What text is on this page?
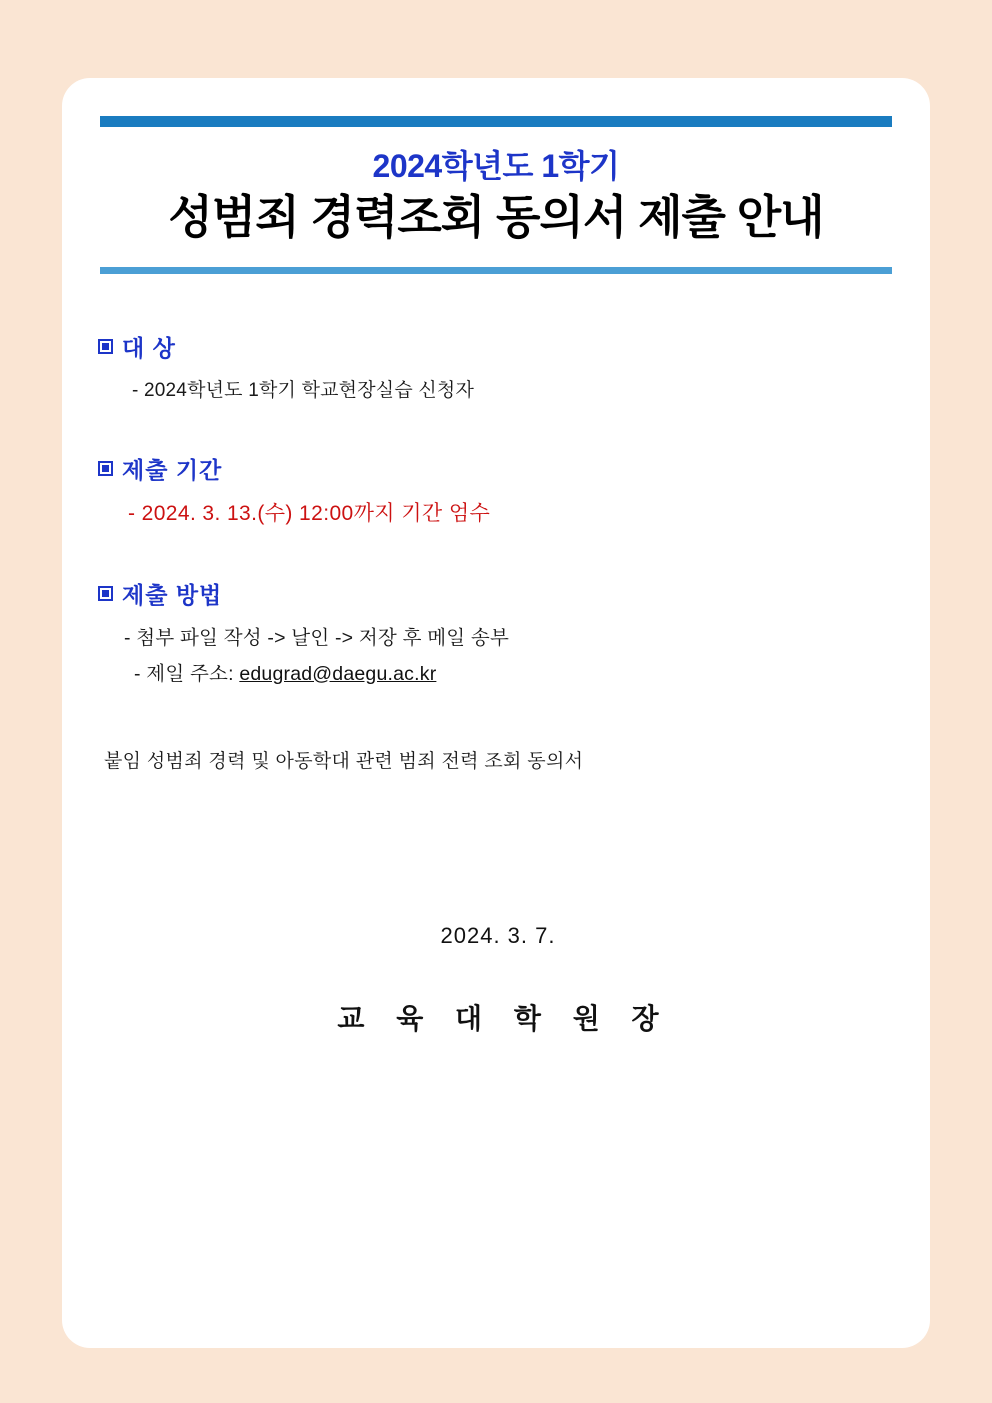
2024학년도 1학기
성범죄 경력조회 동의서 제출 안내
대 상
- 2024학년도 1학기 학교현장실습 신청자
제출 기간
- 2024. 3. 13.(수) 12:00까지 기간 엄수
제출 방법
- 첨부 파일 작성 -> 날인 -> 저장 후 메일 송부
- 제일 주소: edugrad@daegu.ac.kr
붙임 성범죄 경력 및 아동학대 관련 범죄 전력 조회 동의서
2024. 3. 7.
교 육 대 학 원 장
